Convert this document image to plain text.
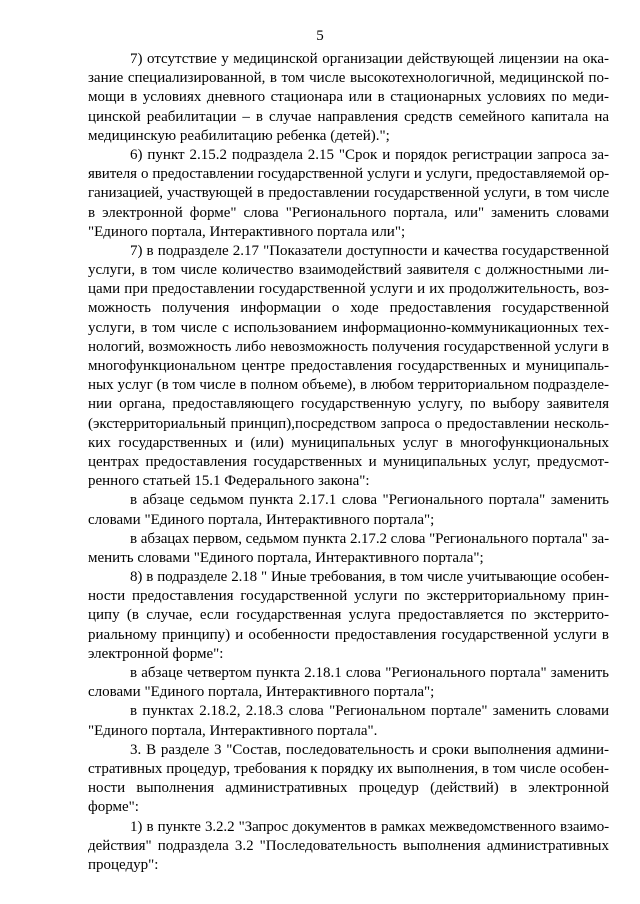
5
7) отсутствие у медицинской организации действующей лицензии на ока-
зание специализированной, в том числе высокотехнологичной, медицинской по-
мощи в условиях дневного стационара или в стационарных условиях по меди-
цинской реабилитации – в случае направления средств семейного капитала на
медицинскую реабилитацию ребенка (детей).";
6) пункт 2.15.2 подраздела 2.15 "Срок и порядок регистрации запроса за-
явителя о предоставлении государственной услуги и услуги, предоставляемой ор-
ганизацией, участвующей в предоставлении государственной услуги, в том числе
в электронной форме" слова "Регионального портала, или" заменить словами
"Единого портала, Интерактивного портала или";
7) в подразделе 2.17 "Показатели доступности и качества государственной
услуги, в том числе количество взаимодействий заявителя с должностными ли-
цами при предоставлении государственной услуги и их продолжительность, воз-
можность получения информации о ходе предоставления государственной
услуги, в том числе с использованием информационно-коммуникационных тех-
нологий, возможность либо невозможность получения государственной услуги в
многофункциональном центре предоставления государственных и муниципаль-
ных услуг (в том числе в полном объеме), в любом территориальном подразделе-
нии органа, предоставляющего государственную услугу, по выбору заявителя
(экстерриториальный принцип),посредством запроса о предоставлении несколь-
ких государственных и (или) муниципальных услуг в многофункциональных
центрах предоставления государственных и муниципальных услуг, предусмот-
ренного статьей 15.1 Федерального закона":
в абзаце седьмом пункта 2.17.1 слова "Регионального портала" заменить
словами "Единого портала, Интерактивного портала";
в абзацах первом, седьмом пункта 2.17.2 слова "Регионального портала" за-
менить словами "Единого портала, Интерактивного портала";
8) в подразделе 2.18 " Иные требования, в том числе учитывающие особен-
ности предоставления государственной услуги по экстерриториальному прин-
ципу (в случае, если государственная услуга предоставляется по экстеррито-
риальному принципу) и особенности предоставления государственной услуги в
электронной форме":
в абзаце четвертом пункта 2.18.1 слова "Регионального портала" заменить
словами "Единого портала, Интерактивного портала";
в пунктах 2.18.2, 2.18.3 слова "Региональном портале" заменить словами
"Единого портала, Интерактивного портала".
3. В разделе 3 "Состав, последовательность и сроки выполнения админи-
стративных процедур, требования к порядку их выполнения, в том числе особен-
ности выполнения административных процедур (действий) в электронной
форме":
1) в пункте 3.2.2 "Запрос документов в рамках межведомственного взаимо-
действия" подраздела 3.2 "Последовательность выполнения административных
процедур":
